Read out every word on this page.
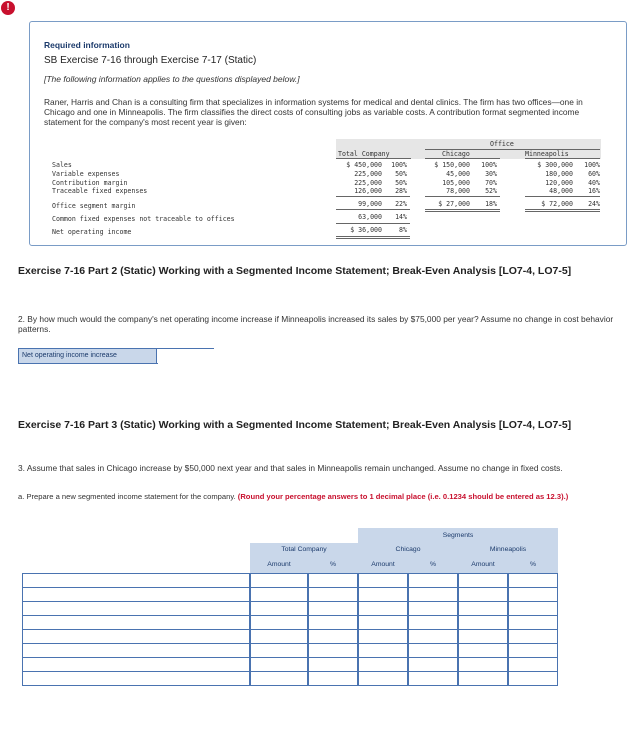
!
Required information
SB Exercise 7-16 through Exercise 7-17 (Static)
[The following information applies to the questions displayed below.]
Raner, Harris and Chan is a consulting firm that specializes in information systems for medical and dental clinics. The firm has two offices—one in Chicago and one in Minneapolis. The firm classifies the direct costs of consulting jobs as variable costs. A contribution format segmented income statement for the company's most recent year is given:
Office
Total Company	Chicago	Minneapolis
Sales	$ 450,000	100%	$ 150,000	100%	$ 300,000	100%
Variable expenses	225,000	50%	45,000	30%	180,000	60%
Contribution margin	225,000	50%	105,000	70%	120,000	40%
Traceable fixed expenses	126,000	28%	78,000	52%	48,000	16%
Office segment margin	99,000	22%	$ 27,000	18%	$ 72,000	24%
Common fixed expenses not traceable to offices	63,000	14%
Net operating income	$ 36,000	8%
Exercise 7-16 Part 2 (Static) Working with a Segmented Income Statement; Break-Even Analysis [LO7-4, LO7-5]
2. By how much would the company's net operating income increase if Minneapolis increased its sales by $75,000 per year? Assume no change in cost behavior patterns.
Net operating income increase
Exercise 7-16 Part 3 (Static) Working with a Segmented Income Statement; Break-Even Analysis [LO7-4, LO7-5]
3. Assume that sales in Chicago increase by $50,000 next year and that sales in Minneapolis remain unchanged. Assume no change in fixed costs.
a. Prepare a new segmented income statement for the company. (Round your percentage answers to 1 decimal place (i.e. 0.1234 should be entered as 12.3).)
Segments
Total Company	Chicago	Minneapolis
Amount	%	Amount	%	Amount	%
